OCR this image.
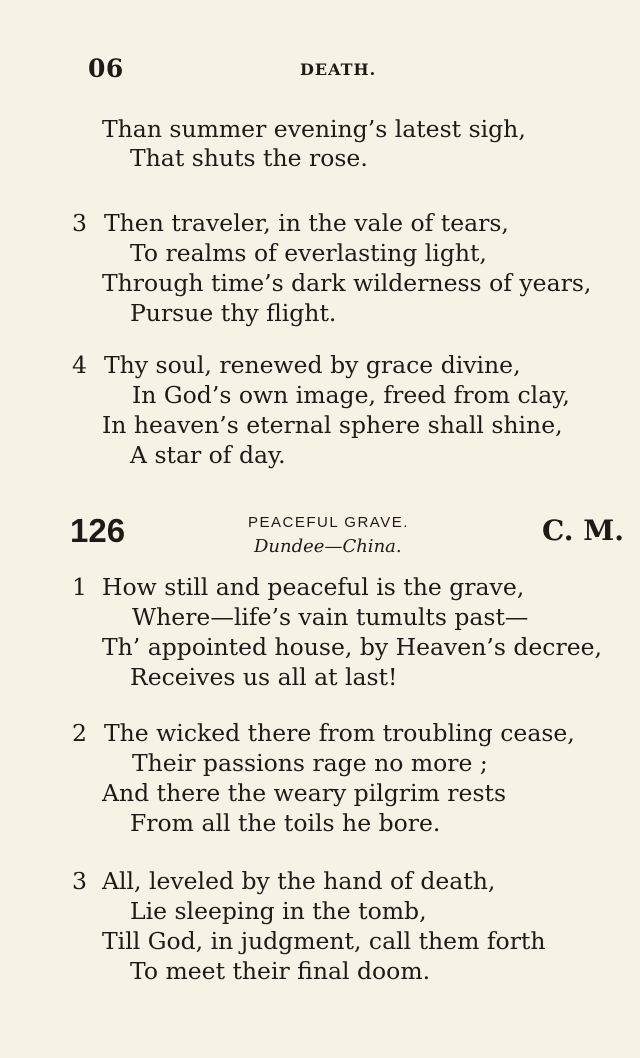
06	DEATH.
Than summer evening’s latest sigh,
That shuts the rose.
3 Then traveler, in the vale of tears,
To realms of everlasting light,
Through time’s dark wilderness of years,
Pursue thy flight.
4 Thy soul, renewed by grace divine,
In God’s own image, freed from clay,
In heaven’s eternal sphere shall shine,
A star of day.
126	PEACEFUL GRAVE.
Dundee—China.	C. M.
1 How still and peaceful is the grave,
Where—life’s vain tumults past—
Th’ appointed house, by Heaven’s decree,
Receives us all at last!
2 The wicked there from troubling cease,
Their passions rage no more ;
And there the weary pilgrim rests
From all the toils he bore.
3 All, leveled by the hand of death,
Lie sleeping in the tomb,
Till God, in judgment, call them forth
To meet their final doom.
